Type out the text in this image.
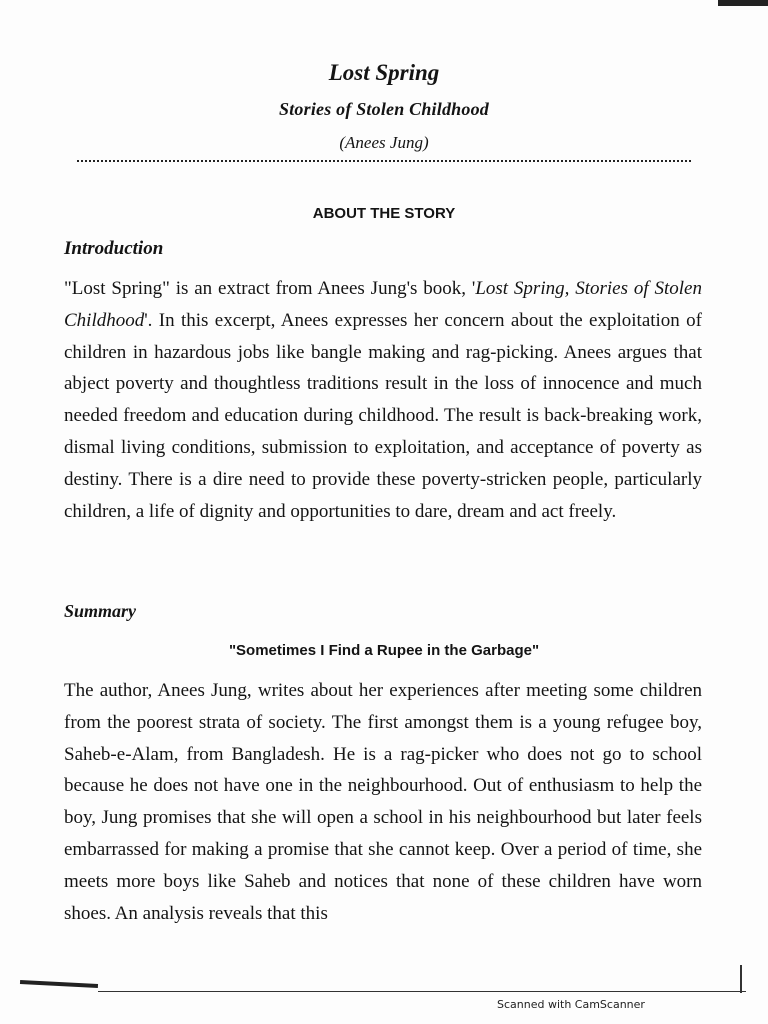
Lost Spring
Stories of Stolen Childhood
(Anees Jung)
ABOUT THE STORY
Introduction

"Lost Spring" is an extract from Anees Jung's book, 'Lost Spring, Stories of Stolen Childhood'. In this excerpt, Anees expresses her concern about the exploitation of children in hazardous jobs like bangle making and rag-picking. Anees argues that abject poverty and thoughtless traditions result in the loss of innocence and much needed freedom and education during childhood. The result is back-breaking work, dismal living conditions, submission to exploitation, and acceptance of poverty as destiny. There is a dire need to provide these poverty-stricken people, particularly children, a life of dignity and opportunities to dare, dream and act freely.

Summary
"Sometimes I Find a Rupee in the Garbage"

The author, Anees Jung, writes about her experiences after meeting some children from the poorest strata of society. The first amongst them is a young refugee boy, Saheb-e-Alam, from Bangladesh. He is a rag-picker who does not go to school because he does not have one in the neighbourhood. Out of enthusiasm to help the boy, Jung promises that she will open a school in his neighbourhood but later feels embarrassed for making a promise that she cannot keep. Over a period of time, she meets more boys like Saheb and notices that none of these children have worn shoes. An analysis reveals that this

Scanned with CamScanner
